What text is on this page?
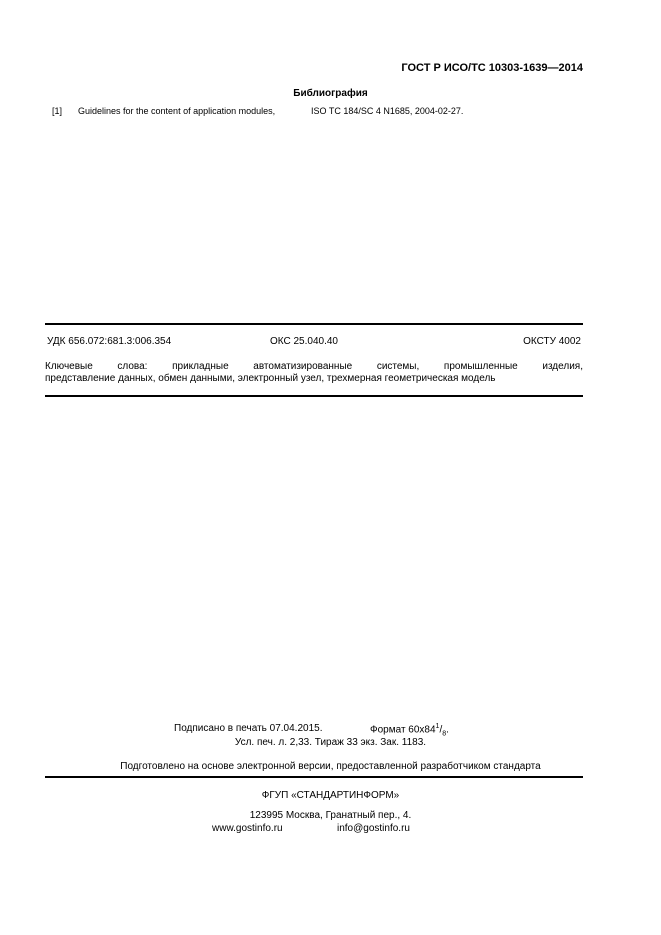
ГОСТ Р ИСО/ТС 10303-1639—2014
Библиография
[1] Guidelines for the content of application modules,	ISO TC 184/SC 4 N1685, 2004-02-27.
УДК 656.072:681.3:006.354	ОКС 25.040.40	ОКСТУ 4002
Ключевые слова: прикладные автоматизированные системы, промышленные изделия,
представление данных, обмен данными, электронный узел, трехмерная геометрическая модель
Подписано в печать 07.04.2015.	Формат $60x84^1/_8$.
Усл. печ. л. 2,33. Тираж 33 экз. Зак. 1183.
Подготовлено на основе электронной версии, предоставленной разработчиком стандарта
ФГУП «СТАНДАРТИНФОРМ»
123995 Москва, Гранатный пер., 4.
www.gostinfo.ru	info@gostinfo.ru
